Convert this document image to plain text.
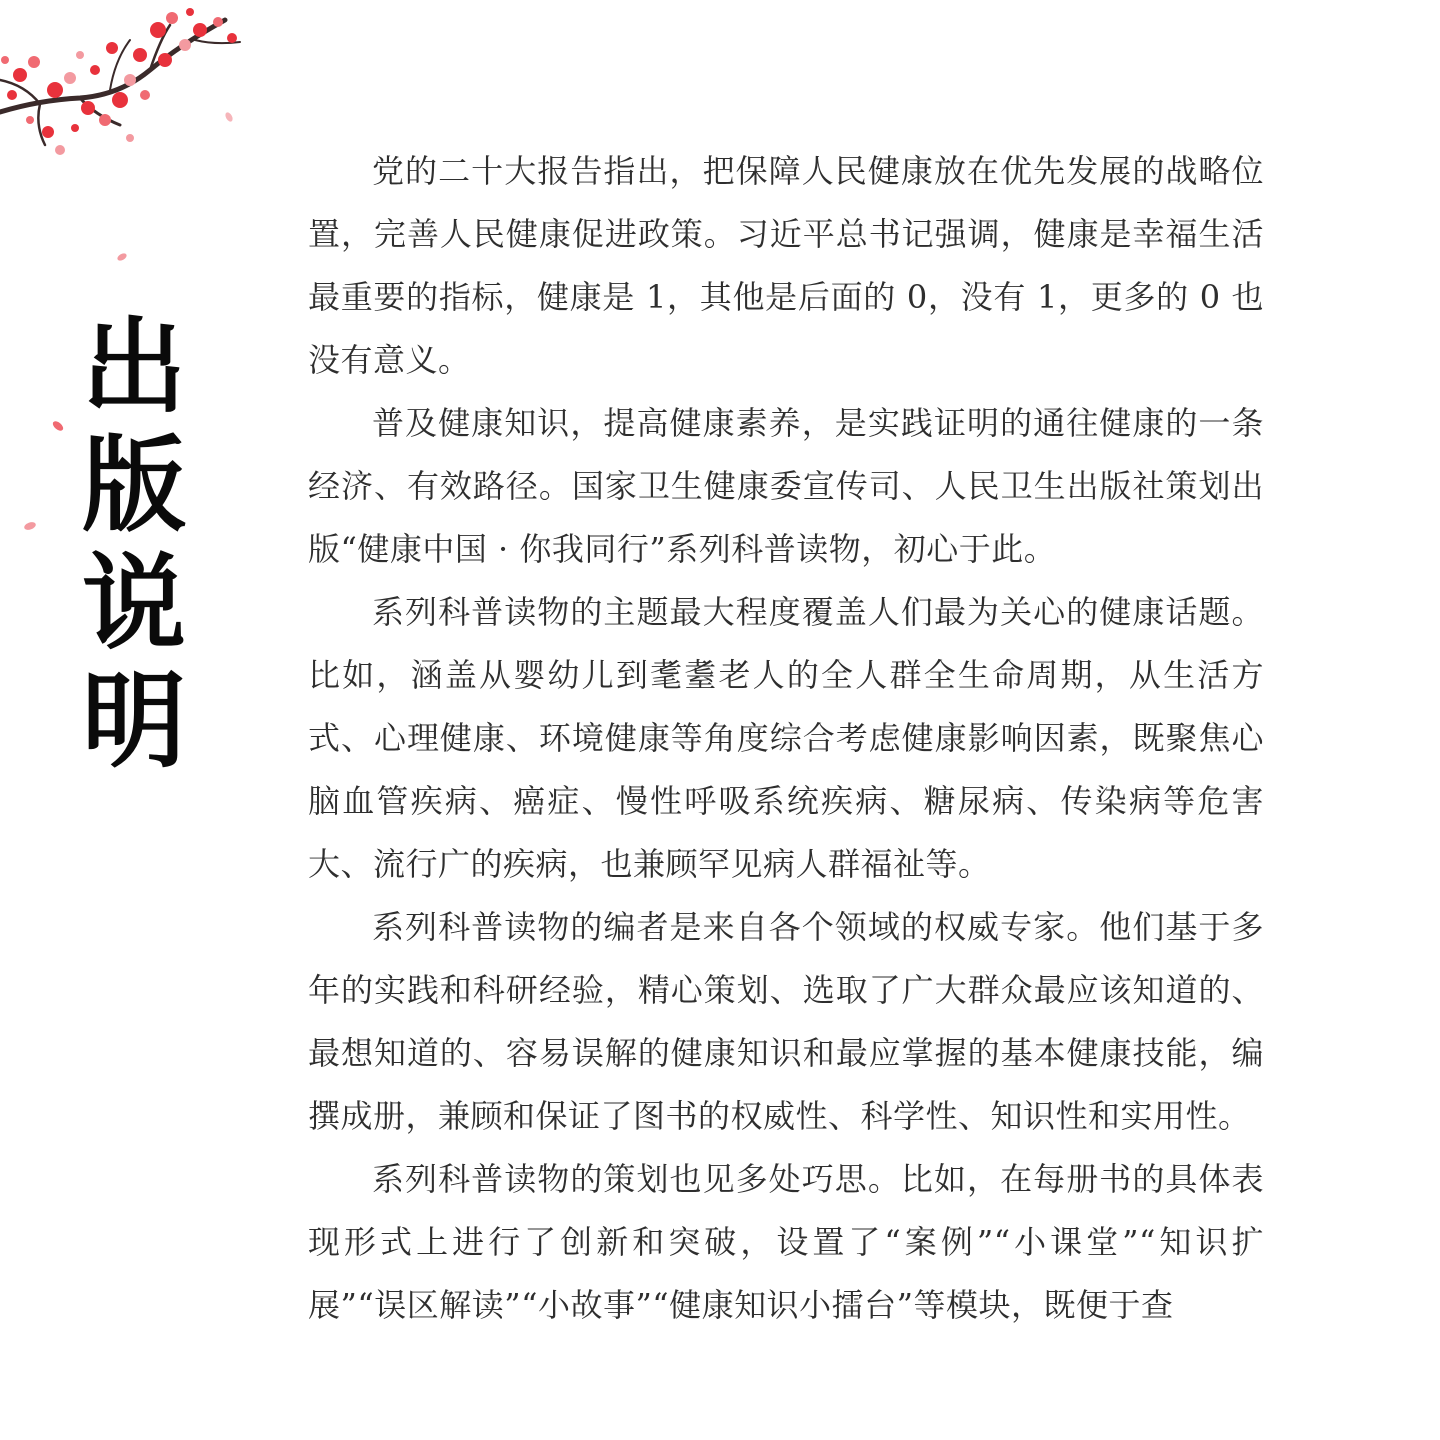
出
版
说
明

党的二十大报告指出，把保障人民健康放在优先发展的战略位置，完善人民健康促进政策。习近平总书记强调，健康是幸福生活最重要的指标，健康是 1，其他是后面的 0，没有 1，更多的 0 也没有意义。

普及健康知识，提高健康素养，是实践证明的通往健康的一条经济、有效路径。国家卫生健康委宣传司、人民卫生出版社策划出版“健康中国 · 你我同行”系列科普读物，初心于此。

系列科普读物的主题最大程度覆盖人们最为关心的健康话题。比如，涵盖从婴幼儿到耄耋老人的全人群全生命周期，从生活方式、心理健康、环境健康等角度综合考虑健康影响因素，既聚焦心脑血管疾病、癌症、慢性呼吸系统疾病、糖尿病、传染病等危害大、流行广的疾病，也兼顾罕见病人群福祉等。

系列科普读物的编者是来自各个领域的权威专家。他们基于多年的实践和科研经验，精心策划、选取了广大群众最应该知道的、最想知道的、容易误解的健康知识和最应掌握的基本健康技能，编撰成册，兼顾和保证了图书的权威性、科学性、知识性和实用性。

系列科普读物的策划也见多处巧思。比如，在每册书的具体表现形式上进行了创新和突破，设置了“案例”“小课堂”“知识扩展”“误区解读”“小故事”“健康知识小擂台”等模块，既便于查
